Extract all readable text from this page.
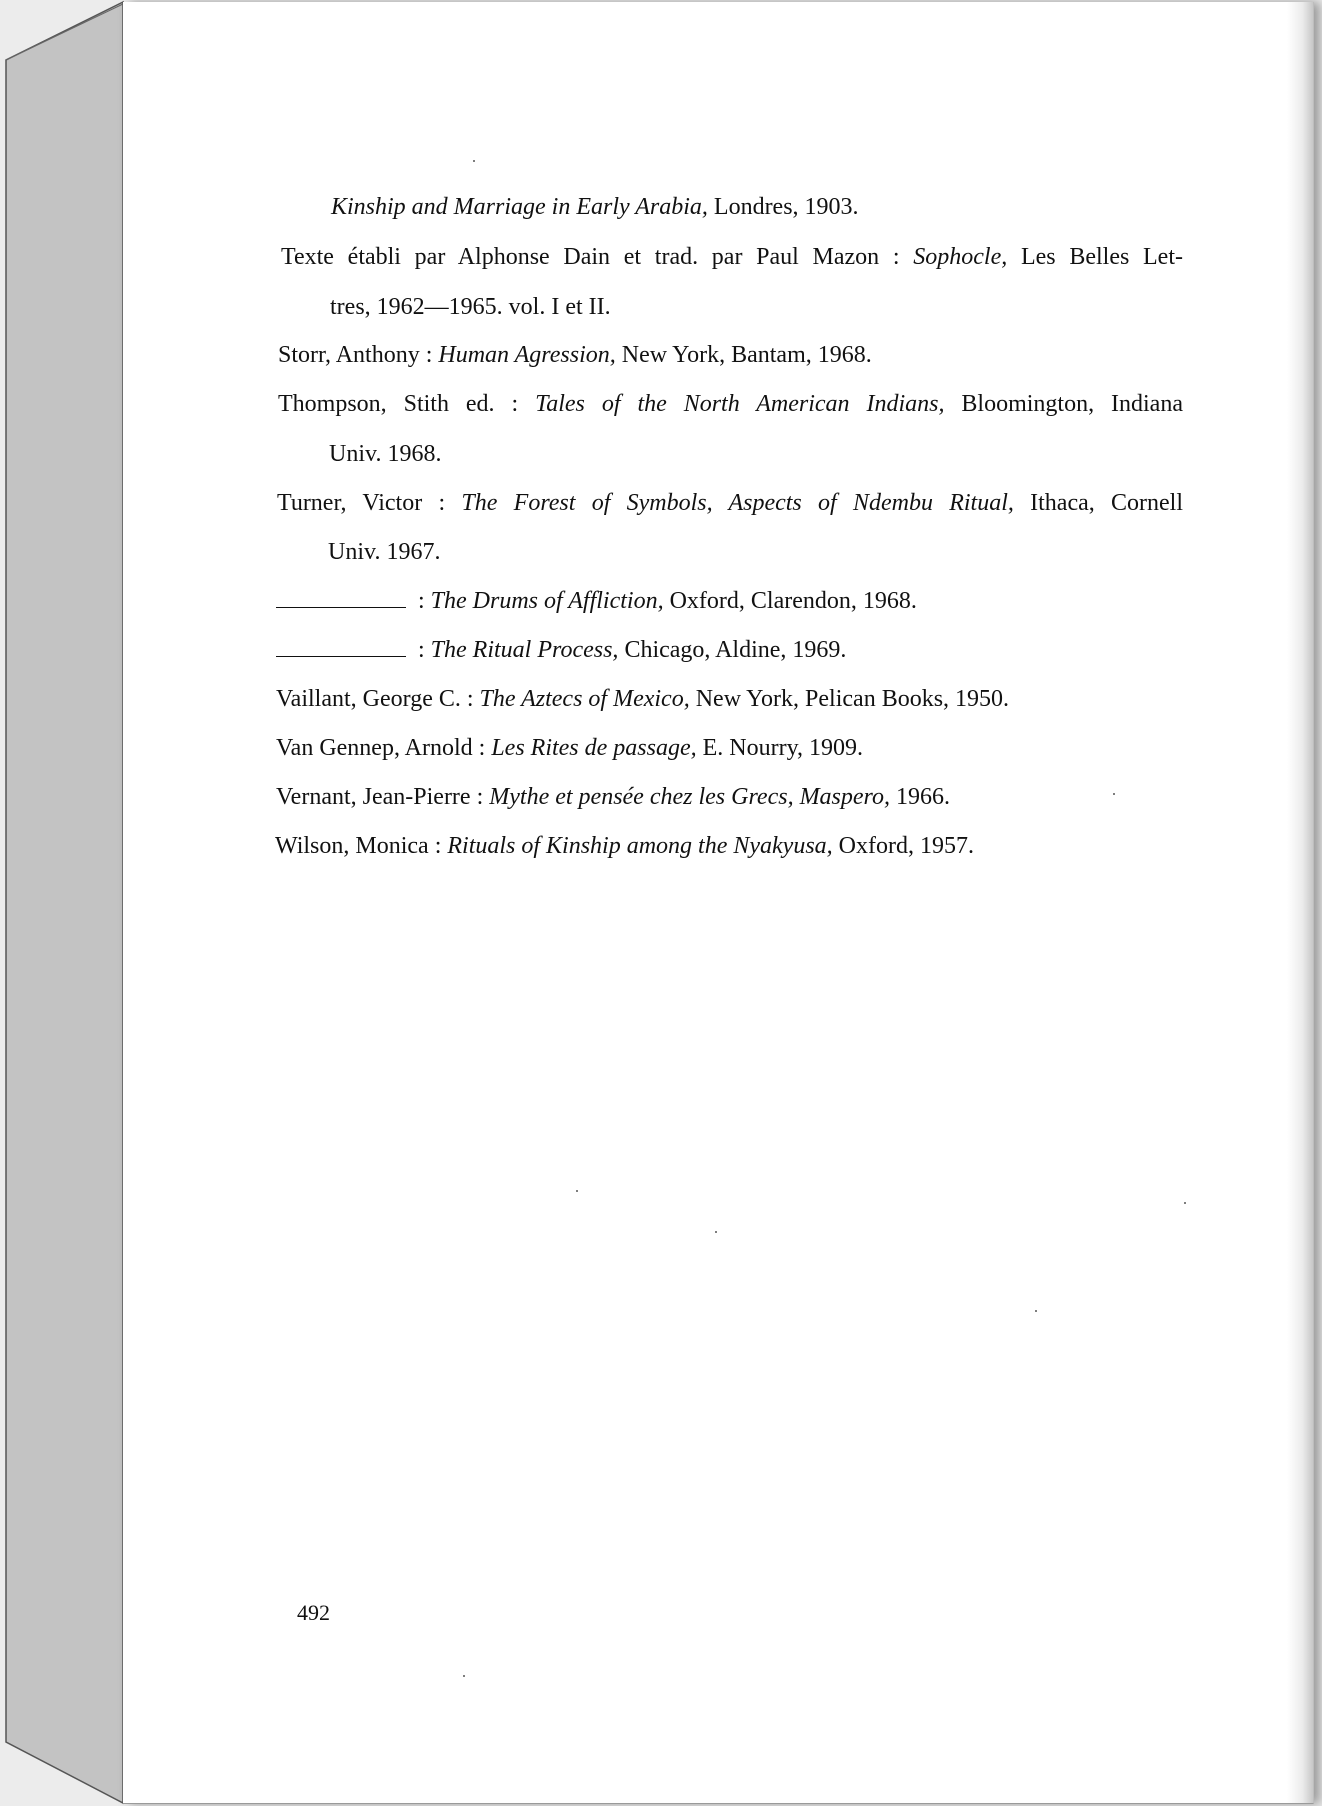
Kinship and Marriage in Early Arabia, Londres, 1903.
Texte établi par Alphonse Dain et trad. par Paul Mazon : Sophocle, Les Belles Let-
tres, 1962—1965. vol. I et II.
Storr, Anthony : Human Agression, New York, Bantam, 1968.
Thompson, Stith ed. : Tales of the North American Indians, Bloomington, Indiana
Univ. 1968.
Turner, Victor : The Forest of Symbols, Aspects of Ndembu Ritual, Ithaca, Cornell
Univ. 1967.
: The Drums of Affliction, Oxford, Clarendon, 1968.
: The Ritual Process, Chicago, Aldine, 1969.
Vaillant, George C. : The Aztecs of Mexico, New York, Pelican Books, 1950.
Van Gennep, Arnold : Les Rites de passage, E. Nourry, 1909.
Vernant, Jean-Pierre : Mythe et pensée chez les Grecs, Maspero, 1966.
Wilson, Monica : Rituals of Kinship among the Nyakyusa, Oxford, 1957.
492
